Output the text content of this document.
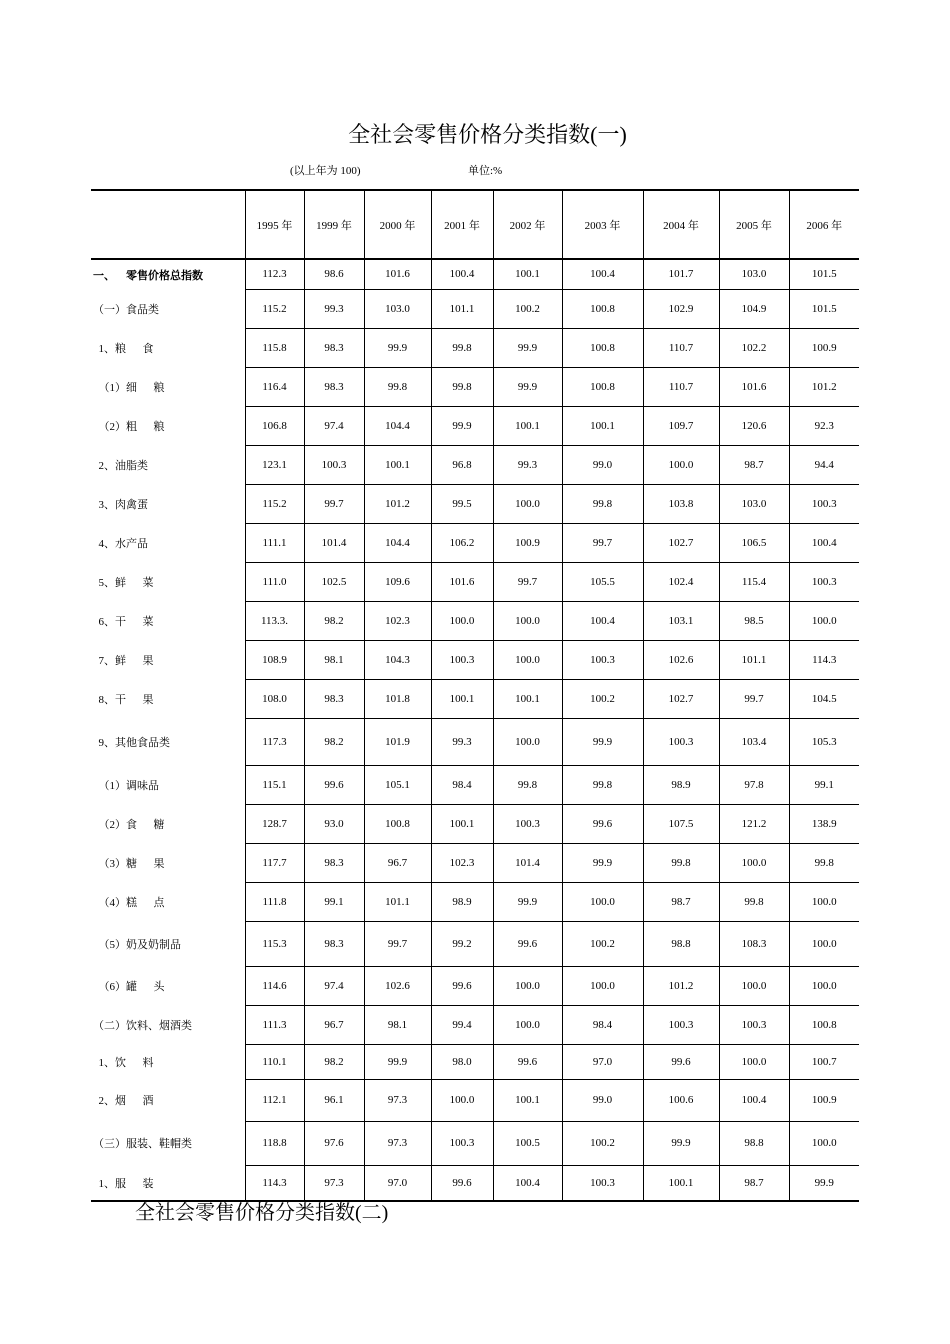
全社会零售价格分类指数(一)
(以上年为 100)	单位:%
	1995 年	1999 年	2000 年	2001 年	2002 年	2003 年	2004 年	2005 年	2006 年
一、    零售价格总指数	112.3	98.6	101.6	100.4	100.1	100.4	101.7	103.0	101.5
（一）食品类	115.2	99.3	103.0	101.1	100.2	100.8	102.9	104.9	101.5
1、粮      食	115.8	98.3	99.9	99.8	99.9	100.8	110.7	102.2	100.9
（1）细      粮	116.4	98.3	99.8	99.8	99.9	100.8	110.7	101.6	101.2
（2）粗      粮	106.8	97.4	104.4	99.9	100.1	100.1	109.7	120.6	92.3
2、油脂类	123.1	100.3	100.1	96.8	99.3	99.0	100.0	98.7	94.4
3、肉禽蛋	115.2	99.7	101.2	99.5	100.0	99.8	103.8	103.0	100.3
4、水产品	111.1	101.4	104.4	106.2	100.9	99.7	102.7	106.5	100.4
5、鲜      菜	111.0	102.5	109.6	101.6	99.7	105.5	102.4	115.4	100.3
6、干      菜	113.3.	98.2	102.3	100.0	100.0	100.4	103.1	98.5	100.0
7、鲜      果	108.9	98.1	104.3	100.3	100.0	100.3	102.6	101.1	114.3
8、干      果	108.0	98.3	101.8	100.1	100.1	100.2	102.7	99.7	104.5
9、其他食品类	117.3	98.2	101.9	99.3	100.0	99.9	100.3	103.4	105.3
（1）调味品	115.1	99.6	105.1	98.4	99.8	99.8	98.9	97.8	99.1
（2）食      糖	128.7	93.0	100.8	100.1	100.3	99.6	107.5	121.2	138.9
（3）糖      果	117.7	98.3	96.7	102.3	101.4	99.9	99.8	100.0	99.8
（4）糕      点	111.8	99.1	101.1	98.9	99.9	100.0	98.7	99.8	100.0
（5）奶及奶制品	115.3	98.3	99.7	99.2	99.6	100.2	98.8	108.3	100.0
（6）罐      头	114.6	97.4	102.6	99.6	100.0	100.0	101.2	100.0	100.0
（二）饮料、烟酒类	111.3	96.7	98.1	99.4	100.0	98.4	100.3	100.3	100.8
1、饮      料	110.1	98.2	99.9	98.0	99.6	97.0	99.6	100.0	100.7
2、烟      酒	112.1	96.1	97.3	100.0	100.1	99.0	100.6	100.4	100.9
（三）服装、鞋帽类	118.8	97.6	97.3	100.3	100.5	100.2	99.9	98.8	100.0
1、服      装	114.3	97.3	97.0	99.6	100.4	100.3	100.1	98.7	99.9
全社会零售价格分类指数(二)
